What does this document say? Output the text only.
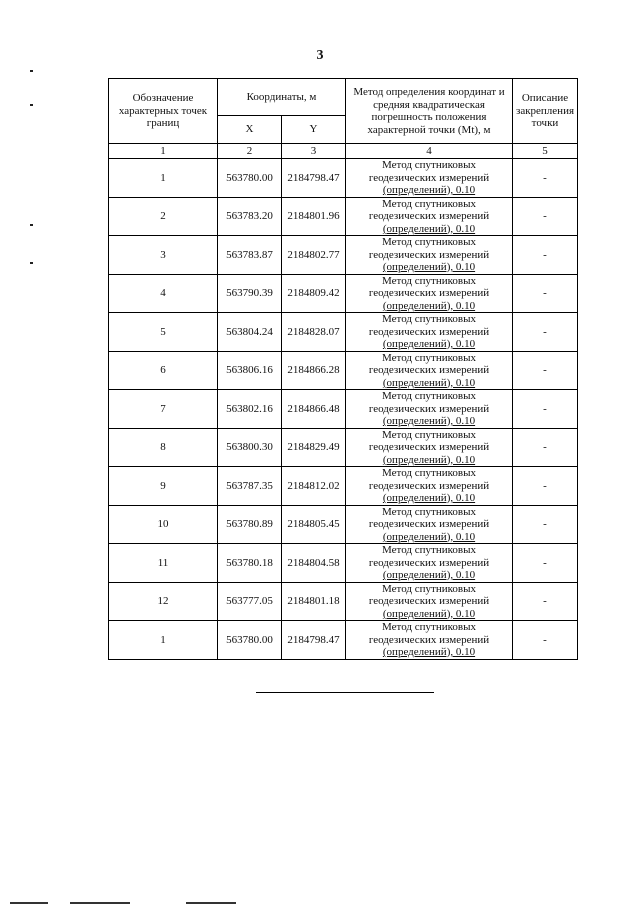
3
Обозначение характерных точек границ	Координаты, м		Метод определения координат и средняя квадратическая погрешность положения характерной точки (Mt), м	Описание закрепления точки
	X	Y		
1	2	3	4	5
1	563780.00	2184798.47	Метод спутниковых
геодезических измерений
(определений), 0.10	-
2	563783.20	2184801.96	Метод спутниковых
геодезических измерений
(определений), 0.10	-
3	563783.87	2184802.77	Метод спутниковых
геодезических измерений
(определений), 0.10	-
4	563790.39	2184809.42	Метод спутниковых
геодезических измерений
(определений), 0.10	-
5	563804.24	2184828.07	Метод спутниковых
геодезических измерений
(определений), 0.10	-
6	563806.16	2184866.28	Метод спутниковых
геодезических измерений
(определений), 0.10	-
7	563802.16	2184866.48	Метод спутниковых
геодезических измерений
(определений), 0.10	-
8	563800.30	2184829.49	Метод спутниковых
геодезических измерений
(определений), 0.10	-
9	563787.35	2184812.02	Метод спутниковых
геодезических измерений
(определений), 0.10	-
10	563780.89	2184805.45	Метод спутниковых
геодезических измерений
(определений), 0.10	-
11	563780.18	2184804.58	Метод спутниковых
геодезических измерений
(определений), 0.10	-
12	563777.05	2184801.18	Метод спутниковых
геодезических измерений
(определений), 0.10	-
1	563780.00	2184798.47	Метод спутниковых
геодезических измерений
(определений), 0.10	-
